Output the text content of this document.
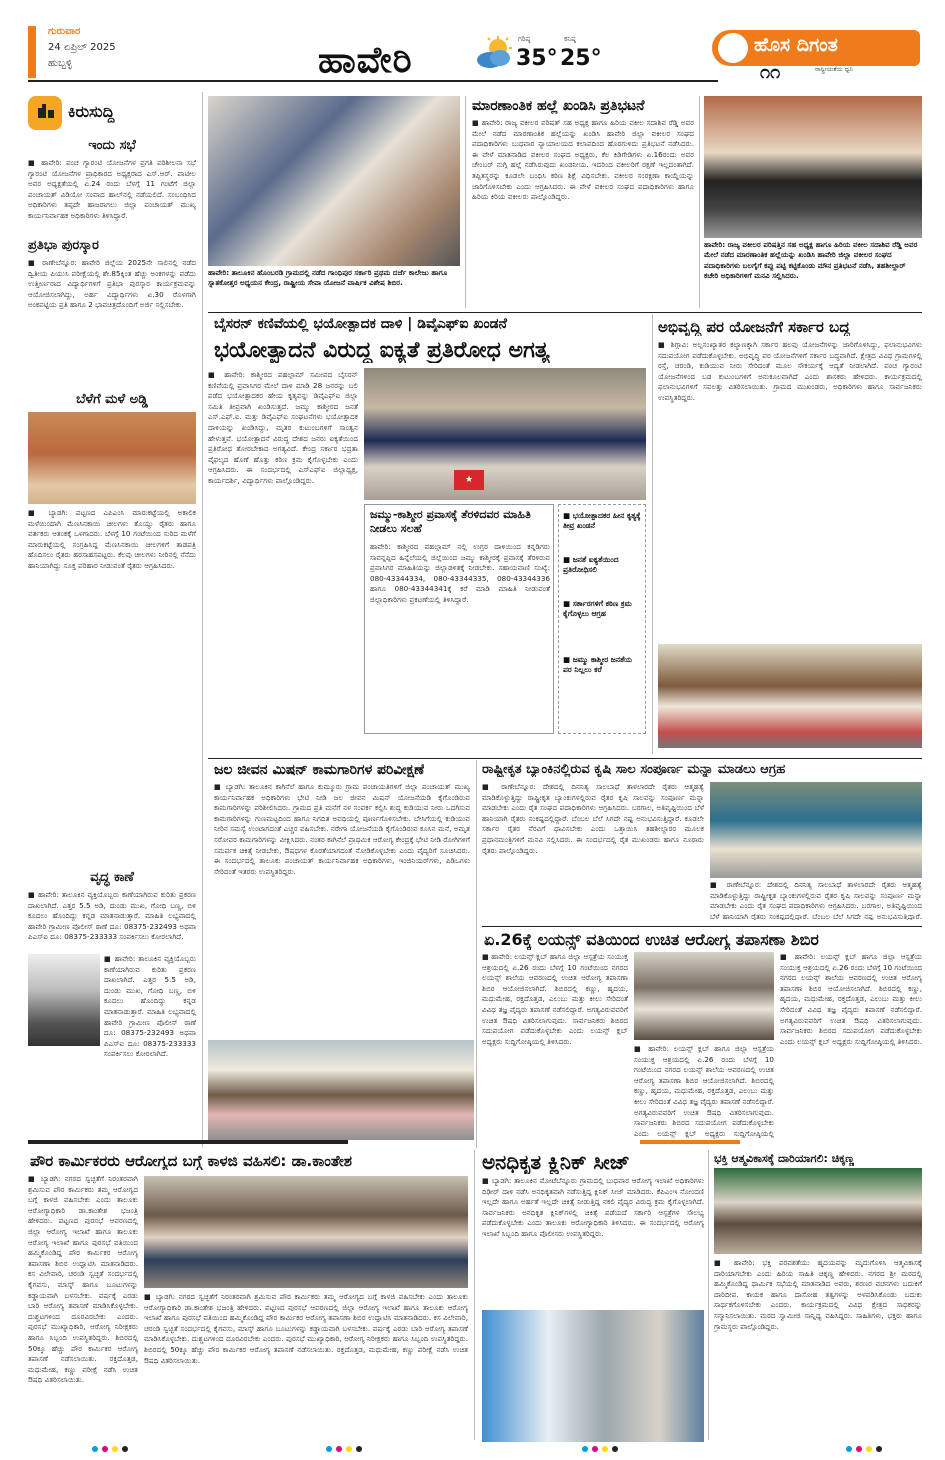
ಗುರುವಾರ
24 ಏಪ್ರಿಲ್ 2025
ಹುಬ್ಬಳ್ಳಿ	ಹಾವೇರಿ
ಗರಿಷ್ಠ
35°
ಕನಿಷ್ಠ
25°
ಹೊಸ ದಿಗಂತ
ರಾಷ್ಟ್ರೀಯತೆಯ ಧ್ವನಿ
೧೧
ಕಿರುಸುದ್ದಿ
ಇಂದು ಸಭೆ
■ ಹಾವೇರಿ: ಪಂಚ ಗ್ಯಾರಂಟಿ ಯೋಜನೆಗಳ ಪ್ರಗತಿ ಪರಿಶೀಲನಾ ಸಭೆ ಗ್ಯಾರಂಟಿ ಯೋಜನೆಗಳ ಪ್ರಾಧಿಕಾರದ ಅಧ್ಯಕ್ಷರಾದ ಎಸ್.ಆರ್. ಪಾಟೀಲ ಅವರ ಅಧ್ಯಕ್ಷತೆಯಲ್ಲಿ ಏ.24 ರಂದು ಬೆಳಗ್ಗೆ 11 ಗಂಟೆಗೆ ಜಿಲ್ಲಾ ಪಂಚಾಯತ್ ವಿಡಿಯೋ ಸಂವಾದ ಹಾಲ್‌ನಲ್ಲಿ ನಡೆಯಲಿದೆ. ಸಂಬಂಧಿಸಿದ ಅಧಿಕಾರಿಗಳು ತಪ್ಪದೇ ಹಾಜರಾಗಲು ಜಿಲ್ಲಾ ಪಂಚಾಯತ್ ಮುಖ್ಯ ಕಾರ್ಯನಿರ್ವಾಹಕ ಅಧಿಕಾರಿಗಳು ತಿಳಿಸಿದ್ದಾರೆ.
ಪ್ರತಿಭಾ ಪುರಸ್ಕಾರ
■ ರಾಣೇಬೆನ್ನೂರ: ಹಾವೇರಿ ಜಿಲ್ಲೆಯ 2025ನೇ ಸಾಲಿನಲ್ಲಿ ನಡೆದ ದ್ವಿತೀಯ ಪಿಯುಸಿ ಪರೀಕ್ಷೆಯಲ್ಲಿ ಶೇ.85ಕ್ಕಿಂತ ಹೆಚ್ಚು ಅಂಕಗಳನ್ನು ಪಡೆದು ಉತ್ತೀರ್ಣರಾದ ವಿದ್ಯಾರ್ಥಿಗಳಿಗೆ ಪ್ರತಿಭಾ ಪುರಸ್ಕಾರ ಕಾರ್ಯಕ್ರಮವನ್ನು ಆಯೋಜಿಸಲಾಗಿದ್ದು, ಅರ್ಹ ವಿದ್ಯಾರ್ಥಿಗಳು ಏ.30 ರೊಳಗಾಗಿ ಅಂಕಪಟ್ಟಿಯ ಪ್ರತಿ ಹಾಗೂ 2 ಭಾವಚಿತ್ರದೊಂದಿಗೆ ಅರ್ಜಿ ಸಲ್ಲಿಸಬೇಕು.
ಬೆಳೆಗೆ ಮಳೆ ಅಡ್ಡಿ
■ ಬ್ಯಾಡಗಿ: ಪಟ್ಟಣದ ಎಪಿಎಂಸಿ ಮಾರುಕಟ್ಟೆಯಲ್ಲಿ ಅಕಾಲಿಕ ಮಳೆಯಿಂದಾಗಿ ಮೆಣಸಿನಕಾಯಿ ಚೀಲಗಳು ತೊಯ್ದು ರೈತರು ಹಾಗೂ ವರ್ತಕರು ಆತಂಕಕ್ಕೆ ಒಳಗಾದರು. ಬೆಳಗ್ಗೆ 10 ಗಂಟೆಯಿಂದ ಸುರಿದ ಮಳೆಗೆ ಮಾರುಕಟ್ಟೆಯಲ್ಲಿ ಸಂಗ್ರಹಿಸಿದ್ದ ಮೆಣಸಿನಕಾಯಿ ಚೀಲಗಳಿಗೆ ತಾಡಪತ್ರಿ ಹೊದಿಸಲು ರೈತರು ಹರಸಾಹಸಪಟ್ಟರು. ಕೆಲವು ಚೀಲಗಳು ನೀರಿನಲ್ಲಿ ನೆನೆದು ಹಾನಿಯಾಗಿದ್ದು ಸೂಕ್ತ ಪರಿಹಾರ ನೀಡುವಂತೆ ರೈತರು ಆಗ್ರಹಿಸಿದರು.
ವೃದ್ಧ ಕಾಣೆ
■ ಹಾವೇರಿ: ತಾಲೂಕಿನ ವ್ಯಕ್ತಿಯೊಬ್ಬರು ಕಾಣೆಯಾಗಿರುವ ಕುರಿತು ಪ್ರಕರಣ ದಾಖಲಾಗಿದೆ. ಎತ್ತರ 5.5 ಅಡಿ, ದುಂಡು ಮುಖ, ಗೋಧಿ ಬಣ್ಣ, ಬಿಳಿ ಕೂದಲು ಹೊಂದಿದ್ದು ಕನ್ನಡ ಮಾತನಾಡುತ್ತಾರೆ. ಮಾಹಿತಿ ಲಭ್ಯವಾದಲ್ಲಿ ಹಾವೇರಿ ಗ್ರಾಮೀಣ ಪೊಲೀಸ್ ಠಾಣೆ ದೂ: 08375-232493 ಅಥವಾ ಪಿಎಸ್ಐ ದೂ: 08375-233333 ಸಂಪರ್ಕಿಸಲು ಕೋರಲಾಗಿದೆ.
■ ಹಾವೇರಿ: ತಾಲೂಕಿನ ವ್ಯಕ್ತಿಯೊಬ್ಬರು ಕಾಣೆಯಾಗಿರುವ ಕುರಿತು ಪ್ರಕರಣ ದಾಖಲಾಗಿದೆ. ಎತ್ತರ 5.5 ಅಡಿ, ದುಂಡು ಮುಖ, ಗೋಧಿ ಬಣ್ಣ, ಬಿಳಿ ಕೂದಲು ಹೊಂದಿದ್ದು ಕನ್ನಡ ಮಾತನಾಡುತ್ತಾರೆ. ಮಾಹಿತಿ ಲಭ್ಯವಾದಲ್ಲಿ ಹಾವೇರಿ ಗ್ರಾಮೀಣ ಪೊಲೀಸ್ ಠಾಣೆ ದೂ: 08375-232493 ಅಥವಾ ಪಿಎಸ್ಐ ದೂ: 08375-233333 ಸಂಪರ್ಕಿಸಲು ಕೋರಲಾಗಿದೆ.
ಹಾವೇರಿ: ತಾಲೂಕಿನ ಹೊಂಬರಡಿ ಗ್ರಾಮದಲ್ಲಿ ನಡೆದ ಗಾಂಧಿಪುರ ಸರ್ಕಾರಿ ಪ್ರಥಮ ದರ್ಜೆ ಕಾಲೇಜು ಹಾಗೂ ಸ್ನಾತಕೋತ್ತರ ಅಧ್ಯಯನ ಕೇಂದ್ರ, ರಾಷ್ಟ್ರೀಯ ಸೇವಾ ಯೋಜನೆ ವಾರ್ಷಿಕ ವಿಶೇಷ ಶಿಬಿರ.
ಮಾರಣಾಂತಿಕ ಹಲ್ಲೆ ಖಂಡಿಸಿ ಪ್ರತಿಭಟನೆ
■ ಹಾವೇರಿ: ರಾಜ್ಯ ವಕೀಲರ ಪರಿಷತ್ ಸಹ ಅಧ್ಯಕ್ಷ ಹಾಗೂ ಹಿರಿಯ ವಕೀಲ ಸದಾಶಿವ ರೆಡ್ಡಿ ಅವರ ಮೇಲೆ ನಡೆದ ಮಾರಣಾಂತಿಕ ಹಲ್ಲೆಯನ್ನು ಖಂಡಿಸಿ ಹಾವೇರಿ ಜಿಲ್ಲಾ ವಕೀಲರ ಸಂಘದ ಪದಾಧಿಕಾರಿಗಳು ಬುಧವಾರ ನ್ಯಾಯಾಲಯದ ಕಲಾಪದಿಂದ ಹೊರಗುಳಿದು ಪ್ರತಿಭಟನೆ ನಡೆಸಿದರು. ಈ ವೇಳೆ ಮಾತನಾಡಿದ ವಕೀಲರ ಸಂಘದ ಅಧ್ಯಕ್ಷರು, ಕೆಲ ಕಿಡಿಗೇಡಿಗಳು ಏ.16ರಂದು ಅವರ ಚೇಂಬರ್ ನುಗ್ಗಿ ಹಲ್ಲೆ ನಡೆಸಿರುವುದು ಖಂಡನೀಯ. ಇದರಿಂದ ವಕೀಲರಿಗೆ ರಕ್ಷಣೆ ಇಲ್ಲದಂತಾಗಿದೆ. ತಪ್ಪಿತಸ್ಥರನ್ನು ಕೂಡಲೇ ಬಂಧಿಸಿ ಕಠಿಣ ಶಿಕ್ಷೆ ವಿಧಿಸಬೇಕು. ವಕೀಲರ ಸಂರಕ್ಷಣಾ ಕಾಯ್ದೆಯನ್ನು ಜಾರಿಗೊಳಿಸಬೇಕು ಎಂದು ಆಗ್ರಹಿಸಿದರು. ಈ ವೇಳೆ ವಕೀಲರ ಸಂಘದ ಪದಾಧಿಕಾರಿಗಳು ಹಾಗೂ ಹಿರಿಯ ಕಿರಿಯ ವಕೀಲರು ಪಾಲ್ಗೊಂಡಿದ್ದರು.
ಹಾವೇರಿ: ರಾಜ್ಯ ವಕೀಲರ ಪರಿಷತ್ತಿನ ಸಹ ಅಧ್ಯಕ್ಷ ಹಾಗೂ ಹಿರಿಯ ವಕೀಲ ಸದಾಶಿವ ರೆಡ್ಡಿ ಅವರ ಮೇಲೆ ನಡೆದ ಮಾರಣಾಂತಿಕ ಹಲ್ಲೆಯನ್ನು ಖಂಡಿಸಿ ಹಾವೇರಿ ಜಿಲ್ಲಾ ವಕೀಲರ ಸಂಘದ ಪದಾಧಿಕಾರಿಗಳು ಬಲಗೈಗೆ ಕಪ್ಪು ಪಟ್ಟಿ ಕಟ್ಟಿಕೊಂಡು ಮೌನ ಪ್ರತಿಭಟನೆ ನಡೆಸಿ, ತಹಶೀಲ್ದಾರ್ ಕಚೇರಿ ಅಧಿಕಾರಿಗಳಿಗೆ ಮನವಿ ಸಲ್ಲಿಸಿದರು.
ಬೈಸರನ್ ಕಣಿವೆಯಲ್ಲಿ ಭಯೋತ್ಪಾದಕ ದಾಳಿ | ಡಿವೈಎಫ್ಐ ಖಂಡನೆ
ಭಯೋತ್ಪಾದನೆ ವಿರುದ್ಧ ಐಕ್ಯತೆ ಪ್ರತಿರೋಧ ಅಗತ್ಯ
■ ಹಾವೇರಿ: ಕಾಶ್ಮೀರದ ಪಹಲ್ಗಾಮ್ ಸಮೀಪದ ಬೈಸರನ್ ಕಣಿವೆಯಲ್ಲಿ ಪ್ರವಾಸಿಗರ ಮೇಲೆ ದಾಳಿ ಮಾಡಿ 28 ಜನರನ್ನು ಬಲಿ ಪಡೆದ ಭಯೋತ್ಪಾದಕರ ಹೇಯ ಕೃತ್ಯವನ್ನು ಡಿವೈಎಫ್ಐ ಜಿಲ್ಲಾ ಸಮಿತಿ ತೀವ್ರವಾಗಿ ಖಂಡಿಸುತ್ತದೆ. ಜಮ್ಮು ಕಾಶ್ಮೀರದ ಜನತೆ ಎಸ್.ಎಫ್.ಐ. ಮತ್ತು ಡಿವೈಎಫ್ಐ ಸಂಘಟನೆಗಳು ಭಯೋತ್ಪಾದಕ ದಾಳಿಯನ್ನು ಖಂಡಿಸಿದ್ದು, ಮೃತರ ಕುಟುಂಬಗಳಿಗೆ ಸಾಂತ್ವನ ಹೇಳುತ್ತವೆ. ಭಯೋತ್ಪಾದನೆ ವಿರುದ್ಧ ದೇಶದ ಜನರು ಐಕ್ಯತೆಯಿಂದ ಪ್ರತಿರೋಧ ತೋರಬೇಕಾದ ಅಗತ್ಯವಿದೆ. ಕೇಂದ್ರ ಸರ್ಕಾರ ಭದ್ರತಾ ವೈಫಲ್ಯದ ಹೊಣೆ ಹೊತ್ತು ಕಠಿಣ ಕ್ರಮ ಕೈಗೊಳ್ಳಬೇಕು ಎಂದು ಆಗ್ರಹಿಸಿದರು. ಈ ಸಂದರ್ಭದಲ್ಲಿ ಎಸ್ಎಫ್ಐ ಜಿಲ್ಲಾಧ್ಯಕ್ಷ, ಕಾರ್ಯದರ್ಶಿ, ವಿದ್ಯಾರ್ಥಿಗಳು ಪಾಲ್ಗೊಂಡಿದ್ದರು.	★
ಜಮ್ಮು-ಕಾಶ್ಮೀರ ಪ್ರವಾಸಕ್ಕೆ ತೆರಳಿದವರ ಮಾಹಿತಿ ನೀಡಲು ಸಲಹೆ
ಹಾವೇರಿ: ಕಾಶ್ಮೀರದ ಪಹಲ್ಗಾಮ್ ನಲ್ಲಿ ಉಗ್ರರ ದಾಳಿಯಿಂದ ಕನ್ನಡಿಗರು ಸಾವನ್ನಪ್ಪಿದ ಹಿನ್ನೆಲೆಯಲ್ಲಿ ಜಿಲ್ಲೆಯಿಂದ ಜಮ್ಮು ಕಾಶ್ಮೀರಕ್ಕೆ ಪ್ರವಾಸಕ್ಕೆ ತೆರಳಿರುವ ಪ್ರವಾಸಿಗರ ಮಾಹಿತಿಯನ್ನು ಜಿಲ್ಲಾಡಳಿತಕ್ಕೆ ನೀಡಬೇಕು. ಸಹಾಯವಾಣಿ ಸಂಖ್ಯೆ: 080-43344334, 080-43344335, 080-43344336 ಹಾಗೂ 080-43344341ಕ್ಕೆ ಕರೆ ಮಾಡಿ ಮಾಹಿತಿ ನೀಡುವಂತೆ ಜಿಲ್ಲಾಧಿಕಾರಿಗಳು ಪ್ರಕಟಣೆಯಲ್ಲಿ ತಿಳಿಸಿದ್ದಾರೆ.
■ ಭಯೋತ್ಪಾದಕರ ಹೀನ ಕೃತ್ಯಕ್ಕೆ ತೀವ್ರ ಖಂಡನೆ
■ ಜನತೆ ಐಕ್ಯತೆಯಿಂದ ಪ್ರತಿರೋಧಿಸಲಿ
■ ಸರ್ಕಾರಗಳಿಗೆ ಕಠಿಣ ಕ್ರಮ ಕೈಗೊಳ್ಳಲು ಆಗ್ರಹ
■ ಜಮ್ಮು ಕಾಶ್ಮೀರ ಜನತೆಯ ಪರ ನಿಲ್ಲಲು ಕರೆ
ಅಭಿವೃದ್ಧಿ ಪರ ಯೋಜನೆಗೆ ಸರ್ಕಾರ ಬದ್ಧ
■ ಶಿಗ್ಗಾವಿ: ಅಲ್ಪಸಂಖ್ಯಾತರ ಕಲ್ಯಾಣಕ್ಕಾಗಿ ಸರ್ಕಾರ ಹಲವು ಯೋಜನೆಗಳನ್ನು ಜಾರಿಗೊಳಿಸಿದ್ದು, ಫಲಾನುಭವಿಗಳು ಸದುಪಯೋಗ ಪಡೆದುಕೊಳ್ಳಬೇಕು. ಅಭಿವೃದ್ಧಿ ಪರ ಯೋಜನೆಗಳಿಗೆ ಸರ್ಕಾರ ಬದ್ಧವಾಗಿದೆ. ಕ್ಷೇತ್ರದ ವಿವಿಧ ಗ್ರಾಮಗಳಲ್ಲಿ ರಸ್ತೆ, ಚರಂಡಿ, ಕುಡಿಯುವ ನೀರು ಸೇರಿದಂತೆ ಮೂಲ ಸೌಕರ್ಯಕ್ಕೆ ಆದ್ಯತೆ ನೀಡಲಾಗಿದೆ. ಪಂಚ ಗ್ಯಾರಂಟಿ ಯೋಜನೆಗಳಿಂದ ಬಡ ಕುಟುಂಬಗಳಿಗೆ ಅನುಕೂಲವಾಗಿದೆ ಎಂದು ಶಾಸಕರು ಹೇಳಿದರು. ಕಾರ್ಯಕ್ರಮದಲ್ಲಿ ಫಲಾನುಭವಿಗಳಿಗೆ ಸವಲತ್ತು ವಿತರಿಸಲಾಯಿತು. ಗ್ರಾಮದ ಮುಖಂಡರು, ಅಧಿಕಾರಿಗಳು ಹಾಗೂ ಸಾರ್ವಜನಿಕರು ಉಪಸ್ಥಿತರಿದ್ದರು.
ಜಲ ಜೀವನ ಮಿಷನ್ ಕಾಮಗಾರಿಗಳ ಪರಿವೀಕ್ಷಣೆ
■ ಬ್ಯಾಡಗಿ: ತಾಲೂಕಿನ ಕಾಗಿನೆಲೆ ಹಾಗೂ ಕುಮ್ಮೂರು ಗ್ರಾಮ ಪಂಚಾಯತಿಗಳಿಗೆ ಜಿಲ್ಲಾ ಪಂಚಾಯತ್ ಮುಖ್ಯ ಕಾರ್ಯನಿರ್ವಾಹಕ ಅಧಿಕಾರಿಗಳು ಭೇಟಿ ನೀಡಿ ಜಲ ಜೀವನ ಮಿಷನ್ ಯೋಜನೆಯಡಿ ಕೈಗೊಂಡಿರುವ ಕಾಮಗಾರಿಗಳನ್ನು ಪರಿಶೀಲಿಸಿದರು. ಗ್ರಾಮದ ಪ್ರತಿ ಮನೆಗೆ ನಳ ಸಂಪರ್ಕ ಕಲ್ಪಿಸಿ ಶುದ್ಧ ಕುಡಿಯುವ ನೀರು ಒದಗಿಸುವ ಕಾಮಗಾರಿಗಳನ್ನು ಗುಣಮಟ್ಟದಿಂದ ಹಾಗೂ ನಿಗದಿತ ಅವಧಿಯಲ್ಲಿ ಪೂರ್ಣಗೊಳಿಸಬೇಕು. ಬೇಸಿಗೆಯಲ್ಲಿ ಕುಡಿಯುವ ನೀರಿನ ಸಮಸ್ಯೆ ಉಂಟಾಗದಂತೆ ಎಚ್ಚರ ವಹಿಸಬೇಕು. ನರೇಗಾ ಯೋಜನೆಯಡಿ ಕೈಗೊಂಡಿರುವ ಕೂಸಿನ ಮನೆ, ಅಮೃತ ಸರೋವರ ಕಾಮಗಾರಿಗಳನ್ನು ವೀಕ್ಷಿಸಿದರು. ನಂತರ ಕಾಗಿನೆಲೆ ಪ್ರಾಥಮಿಕ ಆರೋಗ್ಯ ಕೇಂದ್ರಕ್ಕೆ ಭೇಟಿ ನೀಡಿ ರೋಗಿಗಳಿಗೆ ಸಮರ್ಪಕ ಚಿಕಿತ್ಸೆ ನೀಡಬೇಕು, ಔಷಧಗಳ ಕೊರತೆಯಾಗದಂತೆ ನೋಡಿಕೊಳ್ಳಬೇಕು ಎಂದು ವೈದ್ಯರಿಗೆ ಸೂಚಿಸಿದರು. ಈ ಸಂದರ್ಭದಲ್ಲಿ ತಾಲೂಕು ಪಂಚಾಯತ್ ಕಾರ್ಯನಿರ್ವಾಹಕ ಅಧಿಕಾರಿಗಳು, ಇಂಜಿನಿಯರ್‌ಗಳು, ಪಿಡಿಒಗಳು ಸೇರಿದಂತೆ ಇತರರು ಉಪಸ್ಥಿತರಿದ್ದರು.
ರಾಷ್ಟ್ರೀಕೃತ ಬ್ಯಾಂಕಿನಲ್ಲಿರುವ ಕೃಷಿ ಸಾಲ ಸಂಪೂರ್ಣ ಮನ್ನಾ ಮಾಡಲು ಆಗ್ರಹ
■ ರಾಣೇಬೆನ್ನೂರ: ದೇಶದಲ್ಲಿ ದಿನನಿತ್ಯ ಸಾಲಬಾಧೆ ತಾಳಲಾರದೇ ರೈತರು ಆತ್ಮಹತ್ಯೆ ಮಾಡಿಕೊಳ್ಳುತ್ತಿದ್ದು ರಾಷ್ಟ್ರೀಕೃತ ಬ್ಯಾಂಕುಗಳಲ್ಲಿರುವ ರೈತರ ಕೃಷಿ ಸಾಲವನ್ನು ಸಂಪೂರ್ಣ ಮನ್ನಾ ಮಾಡಬೇಕು ಎಂದು ರೈತ ಸಂಘದ ಪದಾಧಿಕಾರಿಗಳು ಆಗ್ರಹಿಸಿದರು. ಬರಗಾಲ, ಅತಿವೃಷ್ಟಿಯಿಂದ ಬೆಳೆ ಹಾನಿಯಾಗಿ ರೈತರು ಸಂಕಷ್ಟದಲ್ಲಿದ್ದಾರೆ. ಬೆಂಬಲ ಬೆಲೆ ಸಿಗದೇ ನಷ್ಟ ಅನುಭವಿಸುತ್ತಿದ್ದಾರೆ. ಕೂಡಲೇ ಸರ್ಕಾರ ರೈತರ ನೆರವಿಗೆ ಧಾವಿಸಬೇಕು ಎಂದು ಒತ್ತಾಯಿಸಿ ತಹಶೀಲ್ದಾರರ ಮೂಲಕ ಪ್ರಧಾನಮಂತ್ರಿಗಳಿಗೆ ಮನವಿ ಸಲ್ಲಿಸಿದರು. ಈ ಸಂದರ್ಭದಲ್ಲಿ ರೈತ ಮುಖಂಡರು ಹಾಗೂ ನೂರಾರು ರೈತರು ಪಾಲ್ಗೊಂಡಿದ್ದರು.
■ ರಾಣೇಬೆನ್ನೂರ: ದೇಶದಲ್ಲಿ ದಿನನಿತ್ಯ ಸಾಲಬಾಧೆ ತಾಳಲಾರದೇ ರೈತರು ಆತ್ಮಹತ್ಯೆ ಮಾಡಿಕೊಳ್ಳುತ್ತಿದ್ದು ರಾಷ್ಟ್ರೀಕೃತ ಬ್ಯಾಂಕುಗಳಲ್ಲಿರುವ ರೈತರ ಕೃಷಿ ಸಾಲವನ್ನು ಸಂಪೂರ್ಣ ಮನ್ನಾ ಮಾಡಬೇಕು ಎಂದು ರೈತ ಸಂಘದ ಪದಾಧಿಕಾರಿಗಳು ಆಗ್ರಹಿಸಿದರು. ಬರಗಾಲ, ಅತಿವೃಷ್ಟಿಯಿಂದ ಬೆಳೆ ಹಾನಿಯಾಗಿ ರೈತರು ಸಂಕಷ್ಟದಲ್ಲಿದ್ದಾರೆ. ಬೆಂಬಲ ಬೆಲೆ ಸಿಗದೇ ನಷ್ಟ ಅನುಭವಿಸುತ್ತಿದ್ದಾರೆ.
ಏ.26ಕ್ಕೆ ಲಯನ್ಸ್ ವತಿಯಿಂದ ಉಚಿತ ಆರೋಗ್ಯ ತಪಾಸಣಾ ಶಿಬಿರ
■ ಹಾವೇರಿ: ಲಯನ್ಸ್ ಕ್ಲಬ್ ಹಾಗೂ ಜಿಲ್ಲಾ ಆಸ್ಪತ್ರೆಯ ಸಂಯುಕ್ತ ಆಶ್ರಯದಲ್ಲಿ ಏ.26 ರಂದು ಬೆಳಗ್ಗೆ 10 ಗಂಟೆಯಿಂದ ನಗರದ ಲಯನ್ಸ್ ಶಾಲೆಯ ಆವರಣದಲ್ಲಿ ಉಚಿತ ಆರೋಗ್ಯ ತಪಾಸಣಾ ಶಿಬಿರ ಆಯೋಜಿಸಲಾಗಿದೆ. ಶಿಬಿರದಲ್ಲಿ ಕಣ್ಣು, ಹೃದಯ, ಮಧುಮೇಹ, ರಕ್ತದೊತ್ತಡ, ಎಲುಬು ಮತ್ತು ಕೀಲು ಸೇರಿದಂತೆ ವಿವಿಧ ತಜ್ಞ ವೈದ್ಯರು ತಪಾಸಣೆ ನಡೆಸಲಿದ್ದಾರೆ. ಅಗತ್ಯವಿರುವವರಿಗೆ ಉಚಿತ ಔಷಧಿ ವಿತರಿಸಲಾಗುವುದು. ಸಾರ್ವಜನಿಕರು ಶಿಬಿರದ ಸದುಪಯೋಗ ಪಡೆದುಕೊಳ್ಳಬೇಕು ಎಂದು ಲಯನ್ಸ್ ಕ್ಲಬ್ ಅಧ್ಯಕ್ಷರು ಸುದ್ದಿಗೋಷ್ಠಿಯಲ್ಲಿ ತಿಳಿಸಿದರು.
■ ಹಾವೇರಿ: ಲಯನ್ಸ್ ಕ್ಲಬ್ ಹಾಗೂ ಜಿಲ್ಲಾ ಆಸ್ಪತ್ರೆಯ ಸಂಯುಕ್ತ ಆಶ್ರಯದಲ್ಲಿ ಏ.26 ರಂದು ಬೆಳಗ್ಗೆ 10 ಗಂಟೆಯಿಂದ ನಗರದ ಲಯನ್ಸ್ ಶಾಲೆಯ ಆವರಣದಲ್ಲಿ ಉಚಿತ ಆರೋಗ್ಯ ತಪಾಸಣಾ ಶಿಬಿರ ಆಯೋಜಿಸಲಾಗಿದೆ. ಶಿಬಿರದಲ್ಲಿ ಕಣ್ಣು, ಹೃದಯ, ಮಧುಮೇಹ, ರಕ್ತದೊತ್ತಡ, ಎಲುಬು ಮತ್ತು ಕೀಲು ಸೇರಿದಂತೆ ವಿವಿಧ ತಜ್ಞ ವೈದ್ಯರು ತಪಾಸಣೆ ನಡೆಸಲಿದ್ದಾರೆ. ಅಗತ್ಯವಿರುವವರಿಗೆ ಉಚಿತ ಔಷಧಿ ವಿತರಿಸಲಾಗುವುದು. ಸಾರ್ವಜನಿಕರು ಶಿಬಿರದ ಸದುಪಯೋಗ ಪಡೆದುಕೊಳ್ಳಬೇಕು ಎಂದು ಲಯನ್ಸ್ ಕ್ಲಬ್ ಅಧ್ಯಕ್ಷರು ಸುದ್ದಿಗೋಷ್ಠಿಯಲ್ಲಿ
■ ಹಾವೇರಿ: ಲಯನ್ಸ್ ಕ್ಲಬ್ ಹಾಗೂ ಜಿಲ್ಲಾ ಆಸ್ಪತ್ರೆಯ ಸಂಯುಕ್ತ ಆಶ್ರಯದಲ್ಲಿ ಏ.26 ರಂದು ಬೆಳಗ್ಗೆ 10 ಗಂಟೆಯಿಂದ ನಗರದ ಲಯನ್ಸ್ ಶಾಲೆಯ ಆವರಣದಲ್ಲಿ ಉಚಿತ ಆರೋಗ್ಯ ತಪಾಸಣಾ ಶಿಬಿರ ಆಯೋಜಿಸಲಾಗಿದೆ. ಶಿಬಿರದಲ್ಲಿ ಕಣ್ಣು, ಹೃದಯ, ಮಧುಮೇಹ, ರಕ್ತದೊತ್ತಡ, ಎಲುಬು ಮತ್ತು ಕೀಲು ಸೇರಿದಂತೆ ವಿವಿಧ ತಜ್ಞ ವೈದ್ಯರು ತಪಾಸಣೆ ನಡೆಸಲಿದ್ದಾರೆ. ಅಗತ್ಯವಿರುವವರಿಗೆ ಉಚಿತ ಔಷಧಿ ವಿತರಿಸಲಾಗುವುದು. ಸಾರ್ವಜನಿಕರು ಶಿಬಿರದ ಸದುಪಯೋಗ ಪಡೆದುಕೊಳ್ಳಬೇಕು ಎಂದು ಲಯನ್ಸ್ ಕ್ಲಬ್ ಅಧ್ಯಕ್ಷರು ಸುದ್ದಿಗೋಷ್ಠಿಯಲ್ಲಿ ತಿಳಿಸಿದರು.
ಪೌರ ಕಾರ್ಮಿಕರರು ಆರೋಗ್ಯದ ಬಗ್ಗೆ ಕಾಳಜಿ ವಹಿಸಲಿ: ಡಾ.ಕಾಂತೇಶ
■ ಬ್ಯಾಡಗಿ: ನಗರದ ಸ್ವಚ್ಛತೆಗೆ ನಿರಂತರವಾಗಿ ಶ್ರಮಿಸುವ ಪೌರ ಕಾರ್ಮಿಕರು ತಮ್ಮ ಆರೋಗ್ಯದ ಬಗ್ಗೆ ಕಾಳಜಿ ವಹಿಸಬೇಕು ಎಂದು ತಾಲೂಕು ಆರೋಗ್ಯಾಧಿಕಾರಿ ಡಾ.ಕಾಂತೇಶ ಭಜಂತ್ರಿ ಹೇಳಿದರು. ಪಟ್ಟಣದ ಪುರಸಭೆ ಆವರಣದಲ್ಲಿ ಜಿಲ್ಲಾ ಆರೋಗ್ಯ ಇಲಾಖೆ ಹಾಗೂ ತಾಲೂಕು ಆರೋಗ್ಯ ಇಲಾಖೆ ಹಾಗೂ ಪುರಸಭೆ ವತಿಯಿಂದ ಹಮ್ಮಿಕೊಂಡಿದ್ದ ಪೌರ ಕಾರ್ಮಿಕರ ಆರೋಗ್ಯ ತಪಾಸಣಾ ಶಿಬಿರ ಉದ್ಘಾಟಿಸಿ ಮಾತನಾಡಿದರು. ಕಸ ವಿಲೇವಾರಿ, ಚರಂಡಿ ಸ್ವಚ್ಛತೆ ಸಂದರ್ಭದಲ್ಲಿ ಕೈಗವಸು, ಮಾಸ್ಕ್ ಹಾಗೂ ಬೂಟುಗಳನ್ನು ಕಡ್ಡಾಯವಾಗಿ ಬಳಸಬೇಕು. ವರ್ಷಕ್ಕೆ ಎರಡು ಬಾರಿ ಆರೋಗ್ಯ ತಪಾಸಣೆ ಮಾಡಿಸಿಕೊಳ್ಳಬೇಕು. ದುಶ್ಚಟಗಳಿಂದ ದೂರವಿರಬೇಕು ಎಂದರು. ಪುರಸಭೆ ಮುಖ್ಯಾಧಿಕಾರಿ, ಆರೋಗ್ಯ ನಿರೀಕ್ಷಕರು ಹಾಗೂ ಸಿಬ್ಬಂದಿ ಉಪಸ್ಥಿತರಿದ್ದರು. ಶಿಬಿರದಲ್ಲಿ 50ಕ್ಕೂ ಹೆಚ್ಚು ಪೌರ ಕಾರ್ಮಿಕರ ಆರೋಗ್ಯ ತಪಾಸಣೆ ನಡೆಸಲಾಯಿತು. ರಕ್ತದೊತ್ತಡ, ಮಧುಮೇಹ, ಕಣ್ಣು ಪರೀಕ್ಷೆ ನಡೆಸಿ ಉಚಿತ ಔಷಧಿ ವಿತರಿಸಲಾಯಿತು.
■ ಬ್ಯಾಡಗಿ: ನಗರದ ಸ್ವಚ್ಛತೆಗೆ ನಿರಂತರವಾಗಿ ಶ್ರಮಿಸುವ ಪೌರ ಕಾರ್ಮಿಕರು ತಮ್ಮ ಆರೋಗ್ಯದ ಬಗ್ಗೆ ಕಾಳಜಿ ವಹಿಸಬೇಕು ಎಂದು ತಾಲೂಕು ಆರೋಗ್ಯಾಧಿಕಾರಿ ಡಾ.ಕಾಂತೇಶ ಭಜಂತ್ರಿ ಹೇಳಿದರು. ಪಟ್ಟಣದ ಪುರಸಭೆ ಆವರಣದಲ್ಲಿ ಜಿಲ್ಲಾ ಆರೋಗ್ಯ ಇಲಾಖೆ ಹಾಗೂ ತಾಲೂಕು ಆರೋಗ್ಯ ಇಲಾಖೆ ಹಾಗೂ ಪುರಸಭೆ ವತಿಯಿಂದ ಹಮ್ಮಿಕೊಂಡಿದ್ದ ಪೌರ ಕಾರ್ಮಿಕರ ಆರೋಗ್ಯ ತಪಾಸಣಾ ಶಿಬಿರ ಉದ್ಘಾಟಿಸಿ ಮಾತನಾಡಿದರು. ಕಸ ವಿಲೇವಾರಿ, ಚರಂಡಿ ಸ್ವಚ್ಛತೆ ಸಂದರ್ಭದಲ್ಲಿ ಕೈಗವಸು, ಮಾಸ್ಕ್ ಹಾಗೂ ಬೂಟುಗಳನ್ನು ಕಡ್ಡಾಯವಾಗಿ ಬಳಸಬೇಕು. ವರ್ಷಕ್ಕೆ ಎರಡು ಬಾರಿ ಆರೋಗ್ಯ ತಪಾಸಣೆ ಮಾಡಿಸಿಕೊಳ್ಳಬೇಕು. ದುಶ್ಚಟಗಳಿಂದ ದೂರವಿರಬೇಕು ಎಂದರು. ಪುರಸಭೆ ಮುಖ್ಯಾಧಿಕಾರಿ, ಆರೋಗ್ಯ ನಿರೀಕ್ಷಕರು ಹಾಗೂ ಸಿಬ್ಬಂದಿ ಉಪಸ್ಥಿತರಿದ್ದರು. ಶಿಬಿರದಲ್ಲಿ 50ಕ್ಕೂ ಹೆಚ್ಚು ಪೌರ ಕಾರ್ಮಿಕರ ಆರೋಗ್ಯ ತಪಾಸಣೆ ನಡೆಸಲಾಯಿತು. ರಕ್ತದೊತ್ತಡ, ಮಧುಮೇಹ, ಕಣ್ಣು ಪರೀಕ್ಷೆ ನಡೆಸಿ ಉಚಿತ ಔಷಧಿ ವಿತರಿಸಲಾಯಿತು.
ಅನಧಿಕೃತ ಕ್ಲಿನಿಕ್ ಸೀಜ್
■ ಬ್ಯಾಡಗಿ: ತಾಲೂಕಿನ ಮೋಟೆಬೆನ್ನೂರು ಗ್ರಾಮದಲ್ಲಿ ಬುಧವಾರ ಆರೋಗ್ಯ ಇಲಾಖೆ ಅಧಿಕಾರಿಗಳು ದಿಢೀರ್ ದಾಳಿ ನಡೆಸಿ ಅನಧಿಕೃತವಾಗಿ ನಡೆಸುತ್ತಿದ್ದ ಕ್ಲಿನಿಕ್ ಸೀಜ್ ಮಾಡಿದರು. ಕೆಪಿಎಂಇ ನೋಂದಣಿ ಇಲ್ಲದೇ ಹಾಗೂ ಅರ್ಹತೆ ಇಲ್ಲದೇ ಚಿಕಿತ್ಸೆ ನೀಡುತ್ತಿದ್ದ ನಕಲಿ ವೈದ್ಯರ ವಿರುದ್ಧ ಕ್ರಮ ಕೈಗೊಳ್ಳಲಾಗಿದೆ. ಸಾರ್ವಜನಿಕರು ಅನಧಿಕೃತ ಕ್ಲಿನಿಕ್‌ಗಳಲ್ಲಿ ಚಿಕಿತ್ಸೆ ಪಡೆಯದೆ ಸರ್ಕಾರಿ ಆಸ್ಪತ್ರೆಗಳ ಸೌಲಭ್ಯ ಪಡೆದುಕೊಳ್ಳಬೇಕು ಎಂದು ತಾಲೂಕು ಆರೋಗ್ಯಾಧಿಕಾರಿ ತಿಳಿಸಿದರು. ಈ ಸಂದರ್ಭದಲ್ಲಿ ಆರೋಗ್ಯ ಇಲಾಖೆ ಸಿಬ್ಬಂದಿ ಹಾಗೂ ಪೊಲೀಸರು ಉಪಸ್ಥಿತರಿದ್ದರು.
ಭಕ್ತಿ ಆತ್ಮವಿಕಾಸಕ್ಕೆ ದಾರಿಯಾಗಲಿ: ಚಿಕ್ಕಣ್ಣ
■ ಹಾವೇರಿ: ಭಕ್ತಿ ಪರವಶತೆಯು ಹೃದಯವನ್ನು ಮೃದುಗೊಳಿಸಿ ಆತ್ಮವಿಕಾಸಕ್ಕೆ ದಾರಿಯಾಗಬೇಕು ಎಂದು ಹಿರಿಯ ಸಾಹಿತಿ ಚಿಕ್ಕಣ್ಣ ಹೇಳಿದರು. ನಗರದ ಶ್ರೀ ಮಠದಲ್ಲಿ ಹಮ್ಮಿಕೊಂಡಿದ್ದ ಧಾರ್ಮಿಕ ಸಭೆಯಲ್ಲಿ ಮಾತನಾಡಿದ ಅವರು, ಶರಣರ ವಚನಗಳು ಬದುಕಿಗೆ ದಾರಿದೀಪ. ಕಾಯಕ ಹಾಗೂ ದಾಸೋಹ ತತ್ವಗಳನ್ನು ಅಳವಡಿಸಿಕೊಂಡು ಬದುಕು ಸಾರ್ಥಕಗೊಳಿಸಬೇಕು ಎಂದರು. ಕಾರ್ಯಕ್ರಮದಲ್ಲಿ ವಿವಿಧ ಕ್ಷೇತ್ರದ ಸಾಧಕರನ್ನು ಸನ್ಮಾನಿಸಲಾಯಿತು. ಮಠದ ಸ್ವಾಮೀಜಿ ಸಾನ್ನಿಧ್ಯ ವಹಿಸಿದ್ದರು. ಸಾಹಿತಿಗಳು, ಭಕ್ತರು ಹಾಗೂ ಗ್ರಾಮಸ್ಥರು ಪಾಲ್ಗೊಂಡಿದ್ದರು.
